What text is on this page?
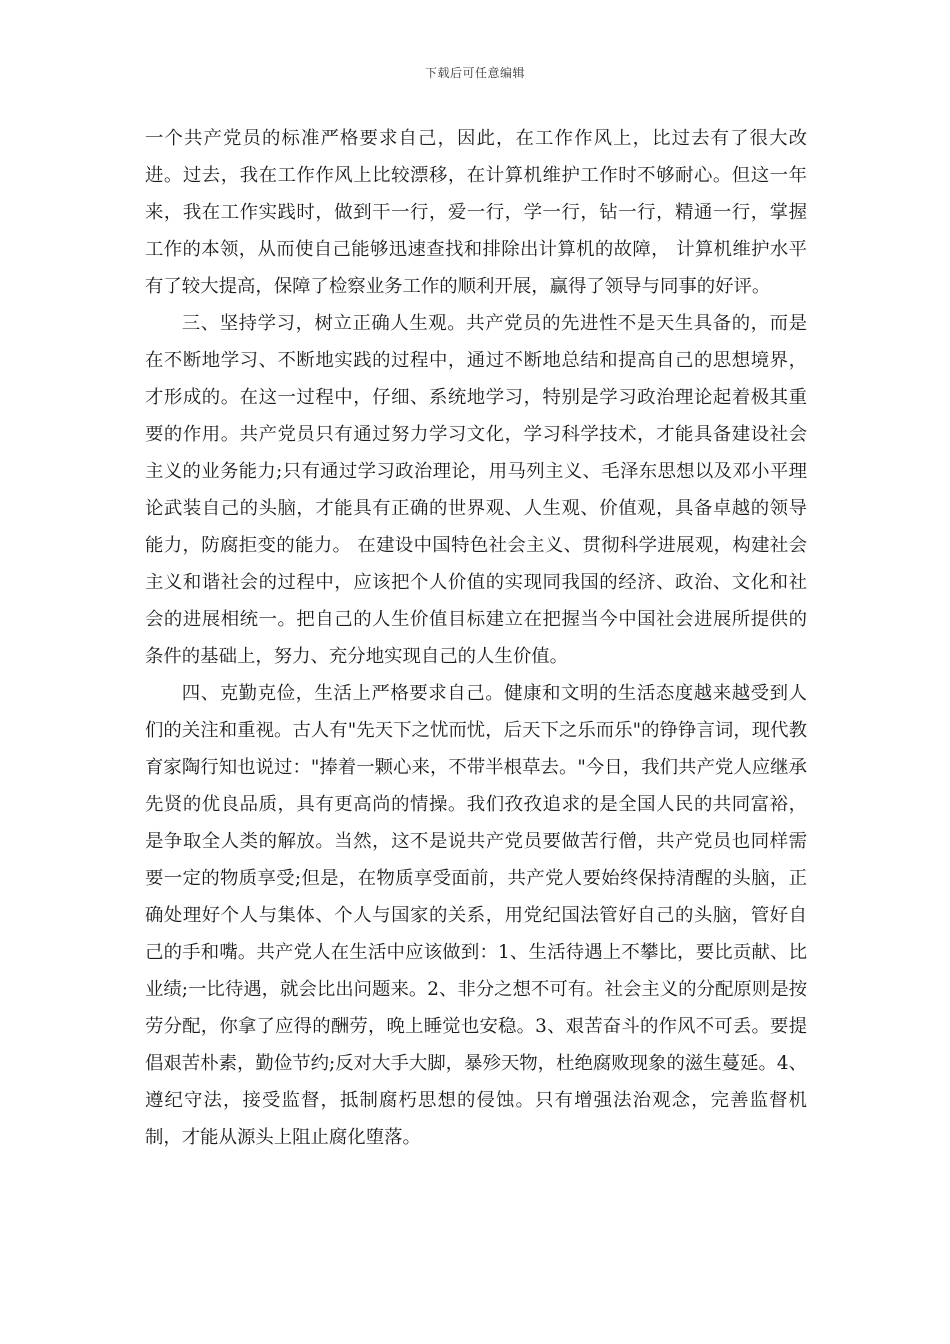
下载后可任意编辑

一个共产党员的标准严格要求自己，因此，在工作作风上，比过去有了很大改进。过去，我在工作作风上比较漂移，在计算机维护工作时不够耐心。但这一年来，我在工作实践时，做到干一行，爱一行，学一行，钻一行，精通一行，掌握工作的本领，从而使自己能够迅速查找和排除出计算机的故障， 计算机维护水平有了较大提高，保障了检察业务工作的顺利开展，赢得了领导与同事的好评。

三、坚持学习，树立正确人生观。共产党员的先进性不是天生具备的，而是在不断地学习、不断地实践的过程中，通过不断地总结和提高自己的思想境界，才形成的。在这一过程中，仔细、系统地学习，特别是学习政治理论起着极其重要的作用。共产党员只有通过努力学习文化，学习科学技术，才能具备建设社会主义的业务能力;只有通过学习政治理论，用马列主义、毛泽东思想以及邓小平理论武装自己的头脑，才能具有正确的世界观、人生观、价值观，具备卓越的领导能力，防腐拒变的能力。 在建设中国特色社会主义、贯彻科学进展观，构建社会主义和谐社会的过程中，应该把个人价值的实现同我国的经济、政治、文化和社会的进展相统一。把自己的人生价值目标建立在把握当今中国社会进展所提供的条件的基础上，努力、充分地实现自己的人生价值。

四、克勤克俭，生活上严格要求自己。健康和文明的生活态度越来越受到人们的关注和重视。古人有"先天下之忧而忧，后天下之乐而乐"的铮铮言词，现代教育家陶行知也说过："捧着一颗心来，不带半根草去。"今日，我们共产党人应继承先贤的优良品质，具有更高尚的情操。我们孜孜追求的是全国人民的共同富裕，是争取全人类的解放。当然，这不是说共产党员要做苦行僧，共产党员也同样需要一定的物质享受;但是，在物质享受面前，共产党人要始终保持清醒的头脑，正确处理好个人与集体、个人与国家的关系，用党纪国法管好自己的头脑，管好自己的手和嘴。共产党人在生活中应该做到：1、生活待遇上不攀比，要比贡献、比业绩;一比待遇，就会比出问题来。2、非分之想不可有。社会主义的分配原则是按劳分配，你拿了应得的酬劳，晚上睡觉也安稳。3、艰苦奋斗的作风不可丢。要提倡艰苦朴素，勤俭节约;反对大手大脚，暴殄天物，杜绝腐败现象的滋生蔓延。4、遵纪守法，接受监督，抵制腐朽思想的侵蚀。只有增强法治观念，完善监督机制，才能从源头上阻止腐化堕落。
